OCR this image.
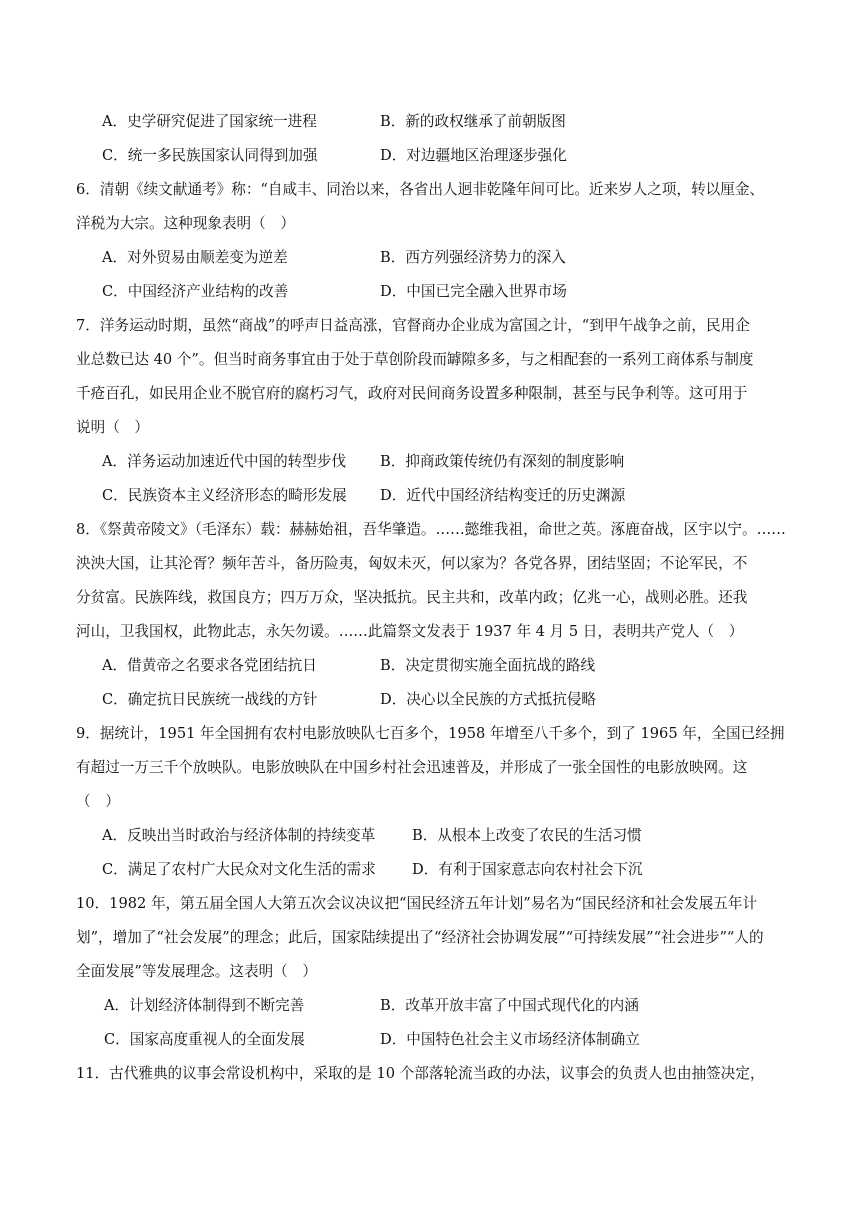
A．史学研究促进了国家统一进程	B．新的政权继承了前朝版图
C．统一多民族国家认同得到加强	D．对边疆地区治理逐步强化
6．清朝《续文献通考》称：“自咸丰、同治以来，各省出人迥非乾隆年间可比。近来岁人之项，转以厘金、
洋税为大宗。这种现象表明（　）
A．对外贸易由顺差变为逆差	B．西方列强经济势力的深入
C．中国经济产业结构的改善	D．中国已完全融入世界市场
7．洋务运动时期，虽然“商战”的呼声日益高涨，官督商办企业成为富国之计，“到甲午战争之前，民用企
业总数已达 40 个”。但当时商务事宜由于处于草创阶段而罅隙多多，与之相配套的一系列工商体系与制度
千疮百孔，如民用企业不脱官府的腐朽习气，政府对民间商务设置多种限制，甚至与民争利等。这可用于
说明（　）
A．洋务运动加速近代中国的转型步伐 B．抑商政策传统仍有深刻的制度影响
C．民族资本主义经济形态的畸形发展 D．近代中国经济结构变迁的历史渊源
8．《祭黄帝陵文》（毛泽东）载：赫赫始祖，吾华肇造。……懿维我祖，命世之英。涿鹿奋战，区宇以宁。……
泱泱大国，让其沦胥？频年苦斗，备历险夷，匈奴未灭，何以家为？各党各界，团结坚固；不论军民，不
分贫富。民族阵线，救国良方；四万万众，坚决抵抗。民主共和，改革内政；亿兆一心，战则必胜。还我
河山，卫我国权，此物此志，永矢勿谖。……此篇祭文发表于 1937 年 4 月 5 日，表明共产党人（　）
A．借黄帝之名要求各党团结抗日	B．决定贯彻实施全面抗战的路线
C．确定抗日民族统一战线的方针	D．决心以全民族的方式抵抗侵略
9．据统计，1951 年全国拥有农村电影放映队七百多个，1958 年增至八千多个，到了 1965 年，全国已经拥
有超过一万三千个放映队。电影放映队在中国乡村社会迅速普及，并形成了一张全国性的电影放映网。这
（　）
A．反映出当时政治与经济体制的持续变革	B．从根本上改变了农民的生活习惯
C．满足了农村广大民众对文化生活的需求 D．有利于国家意志向农村社会下沉
10．1982 年，第五届全国人大第五次会议决议把“国民经济五年计划”易名为“国民经济和社会发展五年计
划”，增加了“社会发展”的理念；此后，国家陆续提出了“经济社会协调发展”“可持续发展”“社会进步”“人的
全面发展”等发展理念。这表明（　）
A．计划经济体制得到不断完善	B．改革开放丰富了中国式现代化的内涵
C．国家高度重视人的全面发展	D．中国特色社会主义市场经济体制确立
11．古代雅典的议事会常设机构中，采取的是 10 个部落轮流当政的办法，议事会的负责人也由抽签决定，
